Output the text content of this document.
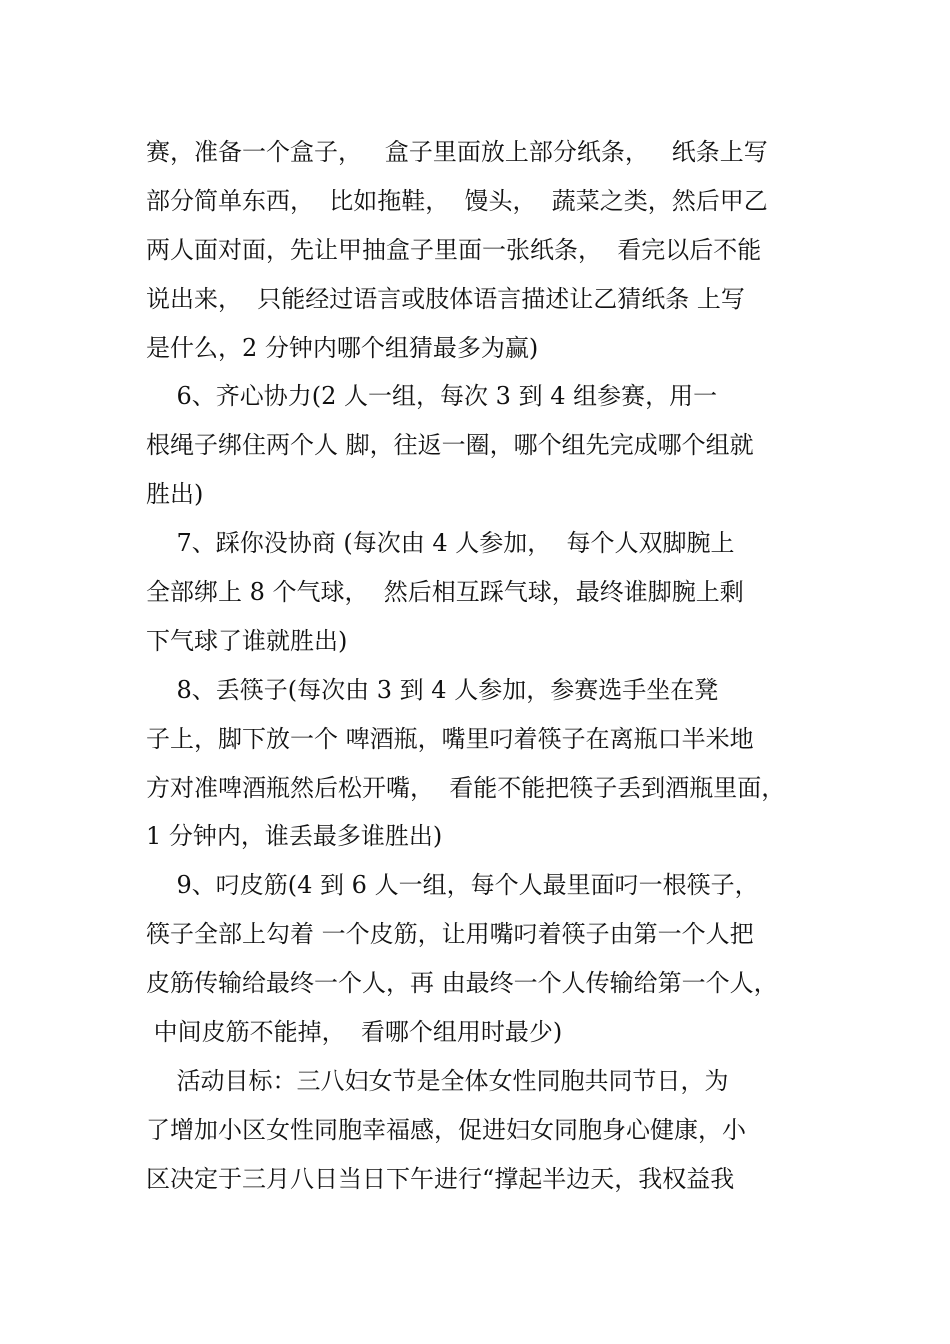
赛，准备一个盒子，   盒子里面放上部分纸条，   纸条上写
部分简单东西，  比如拖鞋，  馒头，  蔬菜之类，然后甲乙
两人面对面，先让甲抽盒子里面一张纸条，  看完以后不能
说出来，  只能经过语言或肢体语言描述让乙猜纸条 上写
是什么，2 分钟内哪个组猜最多为赢)
6、齐心协力(2 人一组，每次 3 到 4 组参赛，用一
根绳子绑住两个人 脚，往返一圈，哪个组先完成哪个组就
胜出)
7、踩你没协商 (每次由 4 人参加，  每个人双脚腕上
全部绑上 8 个气球，  然后相互踩气球，最终谁脚腕上剩
下气球了谁就胜出)
8、丢筷子(每次由 3 到 4 人参加，参赛选手坐在凳
子上，脚下放一个 啤酒瓶，嘴里叼着筷子在离瓶口半米地
方对准啤酒瓶然后松开嘴，  看能不能把筷子丢到酒瓶里面，
1 分钟内，谁丢最多谁胜出)
9、叼皮筋(4 到 6 人一组，每个人最里面叼一根筷子，
筷子全部上勾着 一个皮筋，让用嘴叼着筷子由第一个人把
皮筋传输给最终一个人，再 由最终一个人传输给第一个人，
中间皮筋不能掉，  看哪个组用时最少)
活动目标：三八妇女节是全体女性同胞共同节日，为
了增加小区女性同胞幸福感，促进妇女同胞身心健康，小
区决定于三月八日当日下午进行“撑起半边天，我权益我
